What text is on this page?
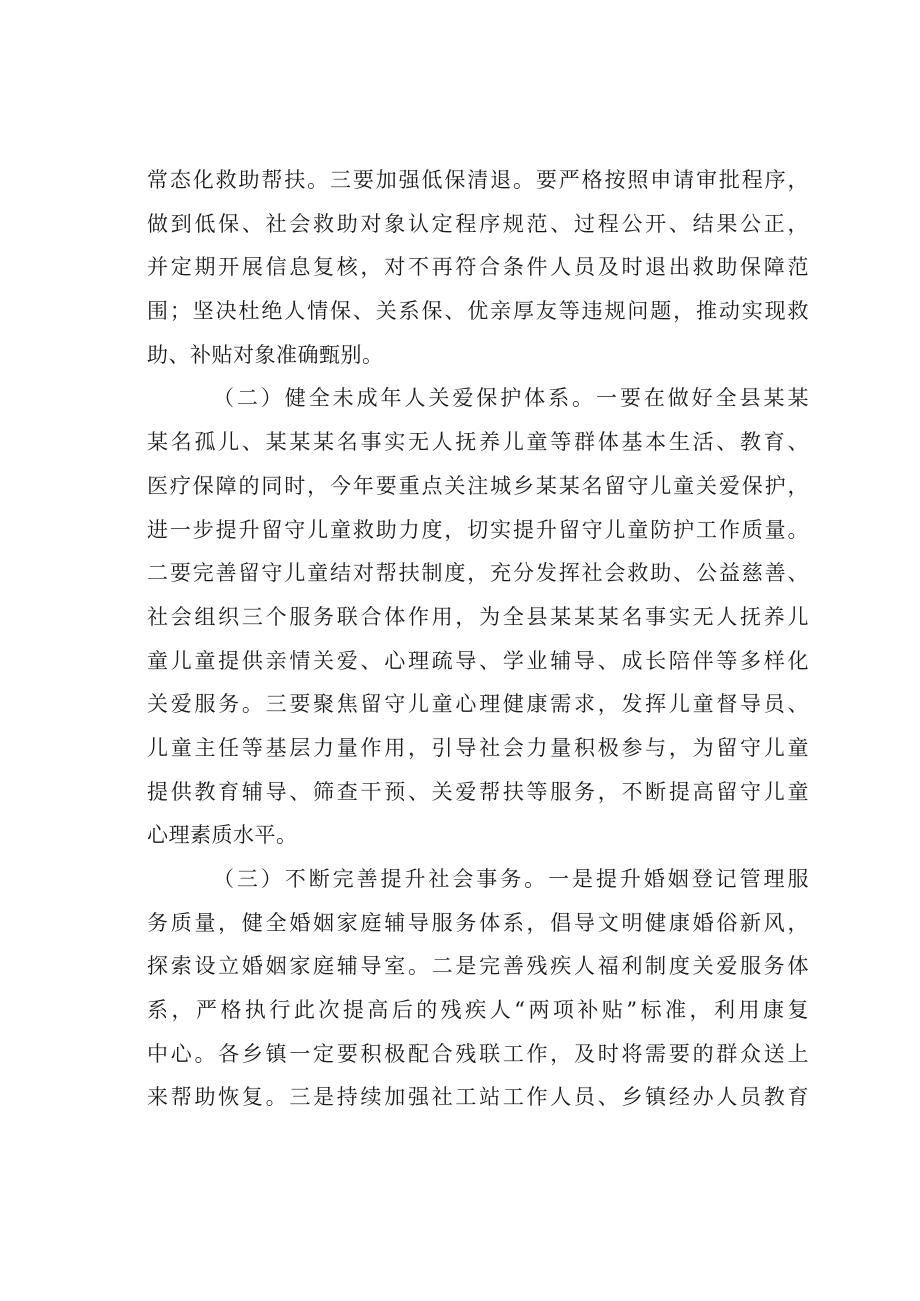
常态化救助帮扶。三要加强低保清退。要严格按照申请审批程序，
做到低保、社会救助对象认定程序规范、过程公开、结果公正，
并定期开展信息复核，对不再符合条件人员及时退出救助保障范
围；坚决杜绝人情保、关系保、优亲厚友等违规问题，推动实现救
助、补贴对象准确甄别。
（二）健全未成年人关爱保护体系。一要在做好全县某某
某名孤儿、某某某名事实无人抚养儿童等群体基本生活、教育、
医疗保障的同时，今年要重点关注城乡某某名留守儿童关爱保护，
进一步提升留守儿童救助力度，切实提升留守儿童防护工作质量。
二要完善留守儿童结对帮扶制度，充分发挥社会救助、公益慈善、
社会组织三个服务联合体作用，为全县某某某名事实无人抚养儿
童儿童提供亲情关爱、心理疏导、学业辅导、成长陪伴等多样化
关爱服务。三要聚焦留守儿童心理健康需求，发挥儿童督导员、
儿童主任等基层力量作用，引导社会力量积极参与，为留守儿童
提供教育辅导、筛查干预、关爱帮扶等服务，不断提高留守儿童
心理素质水平。
（三）不断完善提升社会事务。一是提升婚姻登记管理服
务质量，健全婚姻家庭辅导服务体系，倡导文明健康婚俗新风，
探索设立婚姻家庭辅导室。二是完善残疾人福利制度关爱服务体
系，严格执行此次提高后的残疾人“两项补贴”标准，利用康复
中心。各乡镇一定要积极配合残联工作，及时将需要的群众送上
来帮助恢复。三是持续加强社工站工作人员、乡镇经办人员教育
